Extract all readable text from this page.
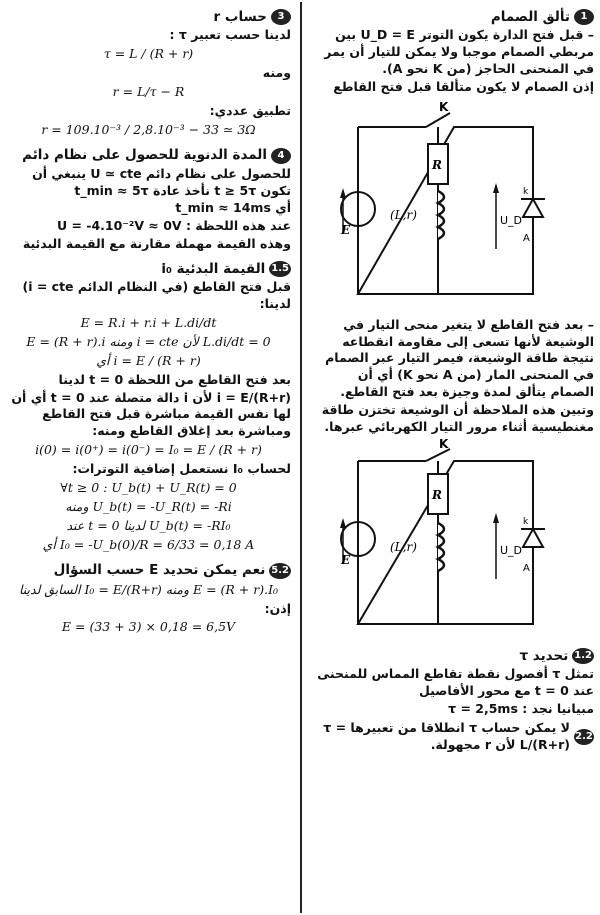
1
تألق الصمام

– قبل فتح الدارة يكون التوتر U_D = E بين مربطي الصمام موجبا ولا يمكن للتيار أن يمر في المنحنى الحاجز (من K نحو A).

إذن الصمام لا يكون متألقا قبل فتح القاطع

K
R
(L,r)
E
U_D
k
A

– بعد فتح القاطع لا يتغير منحى التيار في الوشيعة لأنها تسعى إلى مقاومة انقطاعه نتيجة طاقة الوشيعة، فيمر التيار عبر الصمام في المنحنى المار (من A نحو K) أي أن الصمام يتألق لمدة وجيزة بعد فتح القاطع.

وتبين هذه الملاحظة أن الوشيعة تختزن طاقة مغنطيسية أثناء مرور التيار الكهربائي عبرها.

K
R
(L,r)
E
U_D
k
A
1.2
تحديد τ

تمثل τ أفصول نقطة تقاطع المماس للمنحنى عند t = 0 مع محور الأفاصيل

مبيانيا نجد : τ = 2,5ms

2.2
لا يمكن حساب τ انطلاقا من تعبيرها τ = L/(R+r) لأن r مجهولة.
3
حساب r

لدينا حسب تعبير τ :

τ = L / (R + r)

ومنه

r = L/τ − R

تطبيق عددي:

r = 109.10⁻³ / 2,8.10⁻³ − 33 ≃ 3Ω
4
المدة الدنوية للحصول على نظام دائم

للحصول على نظام دائم U ≃ cte ينبغي أن تكون t ≥ 5τ نأخذ عادة t_min ≈ 5τ

أي t_min ≈ 14ms

عند هذه اللحظة : U = -4.10⁻²V ≈ 0V

وهذه القيمة مهملة مقارنة مع القيمة البدئية

1.5
القيمة البدئية i₀

قبل فتح القاطع (في النظام الدائم i = cte) لدينا:

E = R.i + r.i + L.di/dt
E = (R + r).i ومنه i = cte لأن L.di/dt = 0
أي i = E / (R + r)

بعد فتح القاطع من اللحظة t = 0 لدينا

i = E/(R+r) لأن i دالة متصلة عند t = 0 أي أن لها نفس القيمة مباشرة قبل فتح القاطع ومباشرة بعد إغلاق القاطع ومنه:

i(0) = i(0⁺) = i(0⁻) = I₀ = E / (R + r)

لحساب I₀ نستعمل إضافية التوترات:

∀t ≥ 0 : U_b(t) + U_R(t) = 0
ومنه U_b(t) = -U_R(t) = -Ri
عند t = 0 لدينا U_b(t) = -RI₀
أي I₀ = -U_b(0)/R = 6/33 = 0,18 A
5.2
نعم يمكن تحديد E حسب السؤال
السابق لدينا I₀ = E/(R+r) ومنه E = (R + r).I₀

إذن:

E = (33 + 3) × 0,18 = 6,5V
